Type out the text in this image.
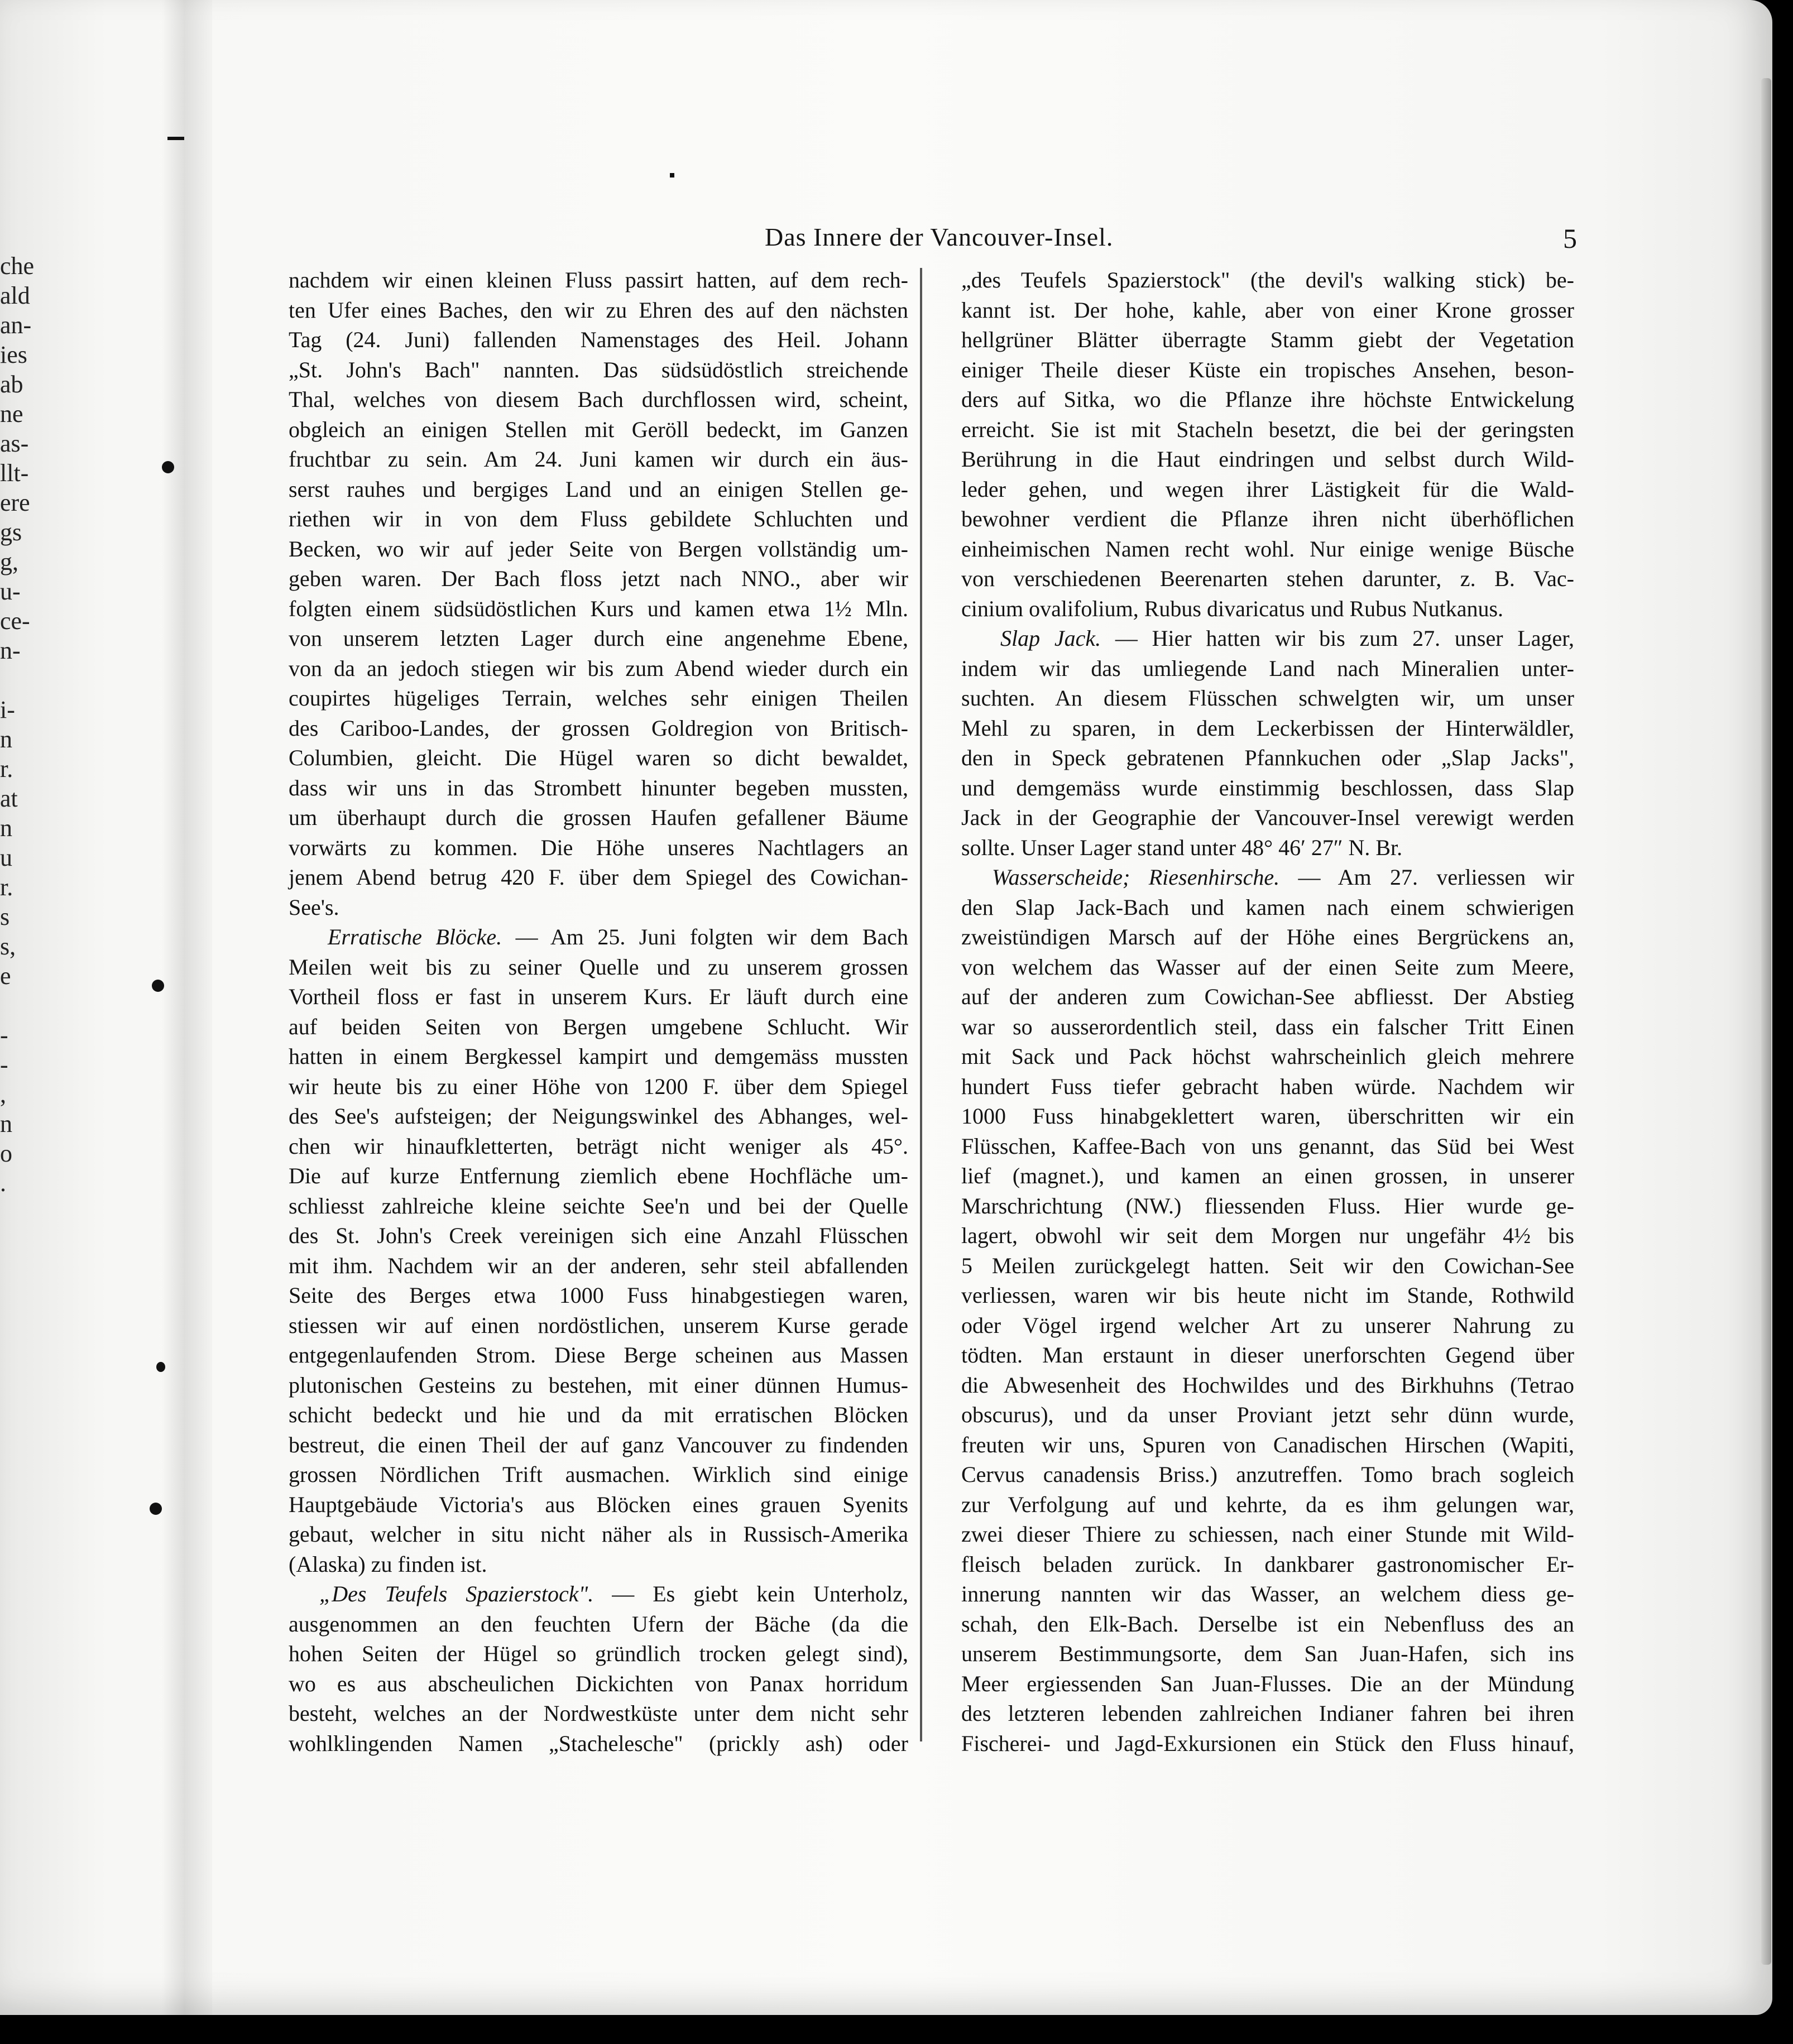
che
ald
an-
ies
ab
ne
as-
llt-
ere
gs
g,
u-
ce-
n-
i-
n
r.
at
n
u
r.
s
s,
e
-
-
,
n
o
.
Das Innere der Vancouver-Insel.	5
nachdem wir einen kleinen Fluss passirt hatten, auf dem rech-
ten Ufer eines Baches, den wir zu Ehren des auf den nächsten
Tag (24. Juni) fallenden Namenstages des Heil. Johann
„St. John's Bach" nannten. Das südsüdöstlich streichende
Thal, welches von diesem Bach durchflossen wird, scheint,
obgleich an einigen Stellen mit Geröll bedeckt, im Ganzen
fruchtbar zu sein. Am 24. Juni kamen wir durch ein äus-
serst rauhes und bergiges Land und an einigen Stellen ge-
riethen wir in von dem Fluss gebildete Schluchten und
Becken, wo wir auf jeder Seite von Bergen vollständig um-
geben waren. Der Bach floss jetzt nach NNO., aber wir
folgten einem südsüdöstlichen Kurs und kamen etwa 1½ Mln.
von unserem letzten Lager durch eine angenehme Ebene,
von da an jedoch stiegen wir bis zum Abend wieder durch ein
coupirtes hügeliges Terrain, welches sehr einigen Theilen
des Cariboo-Landes, der grossen Goldregion von Britisch-
Columbien, gleicht. Die Hügel waren so dicht bewaldet,
dass wir uns in das Strombett hinunter begeben mussten,
um überhaupt durch die grossen Haufen gefallener Bäume
vorwärts zu kommen. Die Höhe unseres Nachtlagers an
jenem Abend betrug 420 F. über dem Spiegel des Cowichan-
See's.
Erratische Blöcke. — Am 25. Juni folgten wir dem Bach
Meilen weit bis zu seiner Quelle und zu unserem grossen
Vortheil floss er fast in unserem Kurs. Er läuft durch eine
auf beiden Seiten von Bergen umgebene Schlucht. Wir
hatten in einem Bergkessel kampirt und demgemäss mussten
wir heute bis zu einer Höhe von 1200 F. über dem Spiegel
des See's aufsteigen; der Neigungswinkel des Abhanges, wel-
chen wir hinaufkletterten, beträgt nicht weniger als 45°.
Die auf kurze Entfernung ziemlich ebene Hochfläche um-
schliesst zahlreiche kleine seichte See'n und bei der Quelle
des St. John's Creek vereinigen sich eine Anzahl Flüsschen
mit ihm. Nachdem wir an der anderen, sehr steil abfallenden
Seite des Berges etwa 1000 Fuss hinabgestiegen waren,
stiessen wir auf einen nordöstlichen, unserem Kurse gerade
entgegenlaufenden Strom. Diese Berge scheinen aus Massen
plutonischen Gesteins zu bestehen, mit einer dünnen Humus-
schicht bedeckt und hie und da mit erratischen Blöcken
bestreut, die einen Theil der auf ganz Vancouver zu findenden
grossen Nördlichen Trift ausmachen. Wirklich sind einige
Hauptgebäude Victoria's aus Blöcken eines grauen Syenits
gebaut, welcher in situ nicht näher als in Russisch-Amerika
(Alaska) zu finden ist.
„Des Teufels Spazierstock". — Es giebt kein Unterholz,
ausgenommen an den feuchten Ufern der Bäche (da die
hohen Seiten der Hügel so gründlich trocken gelegt sind),
wo es aus abscheulichen Dickichten von Panax horridum
besteht, welches an der Nordwestküste unter dem nicht sehr
wohlklingenden Namen „Stachelesche" (prickly ash) oder
„des Teufels Spazierstock" (the devil's walking stick) be-
kannt ist. Der hohe, kahle, aber von einer Krone grosser
hellgrüner Blätter überragte Stamm giebt der Vegetation
einiger Theile dieser Küste ein tropisches Ansehen, beson-
ders auf Sitka, wo die Pflanze ihre höchste Entwickelung
erreicht. Sie ist mit Stacheln besetzt, die bei der geringsten
Berührung in die Haut eindringen und selbst durch Wild-
leder gehen, und wegen ihrer Lästigkeit für die Wald-
bewohner verdient die Pflanze ihren nicht überhöflichen
einheimischen Namen recht wohl. Nur einige wenige Büsche
von verschiedenen Beerenarten stehen darunter, z. B. Vac-
cinium ovalifolium, Rubus divaricatus und Rubus Nutkanus.
Slap Jack. — Hier hatten wir bis zum 27. unser Lager,
indem wir das umliegende Land nach Mineralien unter-
suchten. An diesem Flüsschen schwelgten wir, um unser
Mehl zu sparen, in dem Leckerbissen der Hinterwäldler,
den in Speck gebratenen Pfannkuchen oder „Slap Jacks",
und demgemäss wurde einstimmig beschlossen, dass Slap
Jack in der Geographie der Vancouver-Insel verewigt werden
sollte. Unser Lager stand unter 48° 46′ 27″ N. Br.
Wasserscheide; Riesenhirsche. — Am 27. verliessen wir
den Slap Jack-Bach und kamen nach einem schwierigen
zweistündigen Marsch auf der Höhe eines Bergrückens an,
von welchem das Wasser auf der einen Seite zum Meere,
auf der anderen zum Cowichan-See abfliesst. Der Abstieg
war so ausserordentlich steil, dass ein falscher Tritt Einen
mit Sack und Pack höchst wahrscheinlich gleich mehrere
hundert Fuss tiefer gebracht haben würde. Nachdem wir
1000 Fuss hinabgeklettert waren, überschritten wir ein
Flüsschen, Kaffee-Bach von uns genannt, das Süd bei West
lief (magnet.), und kamen an einen grossen, in unserer
Marschrichtung (NW.) fliessenden Fluss. Hier wurde ge-
lagert, obwohl wir seit dem Morgen nur ungefähr 4½ bis
5 Meilen zurückgelegt hatten. Seit wir den Cowichan-See
verliessen, waren wir bis heute nicht im Stande, Rothwild
oder Vögel irgend welcher Art zu unserer Nahrung zu
tödten. Man erstaunt in dieser unerforschten Gegend über
die Abwesenheit des Hochwildes und des Birkhuhns (Tetrao
obscurus), und da unser Proviant jetzt sehr dünn wurde,
freuten wir uns, Spuren von Canadischen Hirschen (Wapiti,
Cervus canadensis Briss.) anzutreffen. Tomo brach sogleich
zur Verfolgung auf und kehrte, da es ihm gelungen war,
zwei dieser Thiere zu schiessen, nach einer Stunde mit Wild-
fleisch beladen zurück. In dankbarer gastronomischer Er-
innerung nannten wir das Wasser, an welchem diess ge-
schah, den Elk-Bach. Derselbe ist ein Nebenfluss des an
unserem Bestimmungsorte, dem San Juan-Hafen, sich ins
Meer ergiessenden San Juan-Flusses. Die an der Mündung
des letzteren lebenden zahlreichen Indianer fahren bei ihren
Fischerei- und Jagd-Exkursionen ein Stück den Fluss hinauf,
